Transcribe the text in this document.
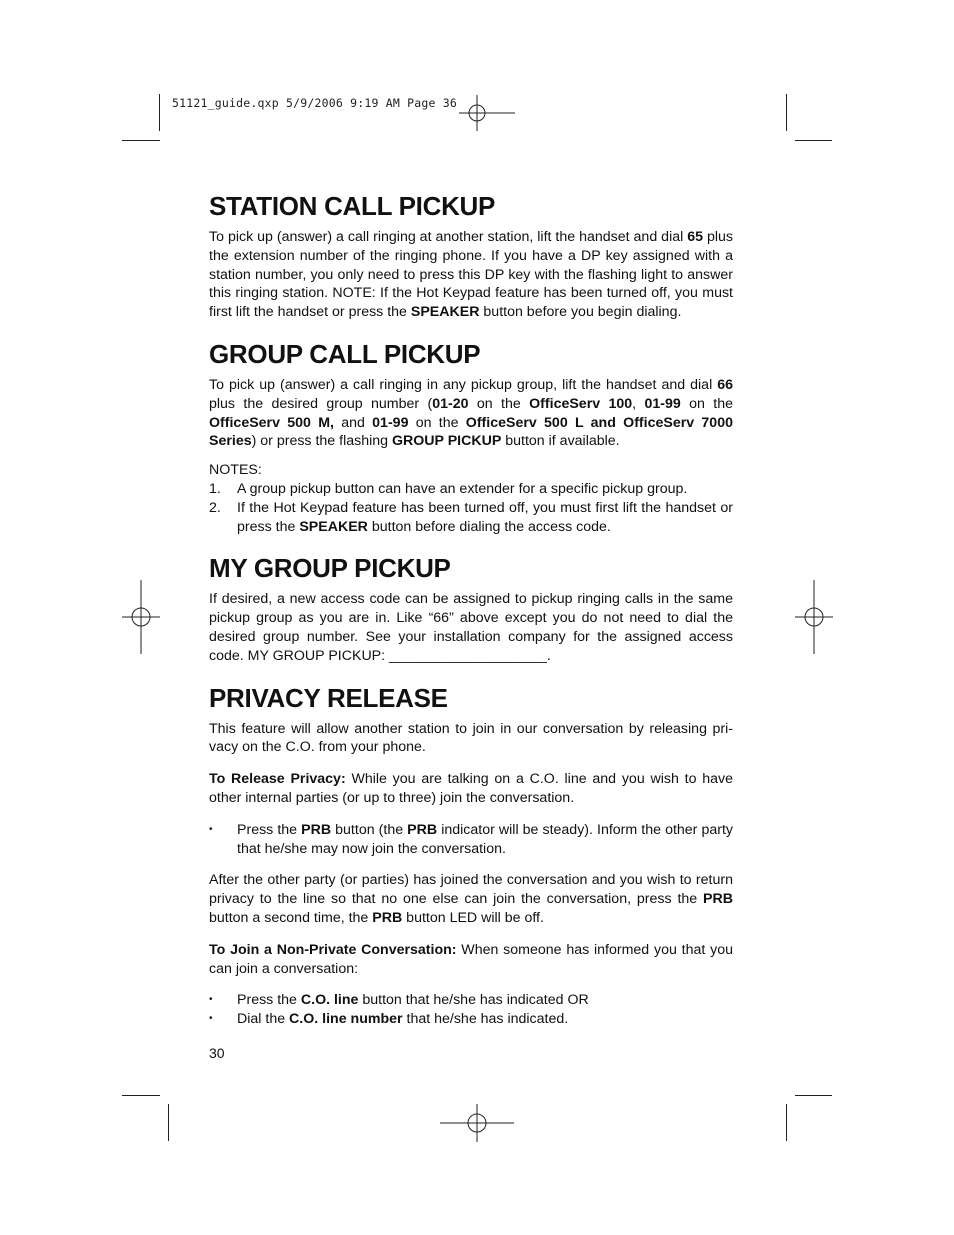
51121_guide.qxp 5/9/2006 9:19 AM Page 36
STATION CALL PICKUP

To pick up (answer) a call ringing at another station, lift the handset and dial 65 plus the extension number of the ringing phone. If you have a DP key assigned with a station number, you only need to press this DP key with the flashing light to answer this ringing station. NOTE: If the Hot Keypad feature has been turned off, you must first lift the handset or press the SPEAKER button before you begin dialing.

GROUP CALL PICKUP

To pick up (answer) a call ringing in any pickup group, lift the handset and dial 66 plus the desired group number (01-20 on the OfficeServ 100, 01-99 on the OfficeServ 500 M, and 01-99 on the OfficeServ 500 L and OfficeServ 7000 Series) or press the flashing GROUP PICKUP button if available.

NOTES:

1. A group pickup button can have an extender for a specific pickup group.
2. If the Hot Keypad feature has been turned off, you must first lift the handset or press the SPEAKER button before dialing the access code.
MY GROUP PICKUP

If desired, a new access code can be assigned to pickup ringing calls in the same pickup group as you are in. Like “66” above except you do not need to dial the desired group number. See your installation company for the assigned access code. MY GROUP PICKUP: ____________________.

PRIVACY RELEASE

This feature will allow another station to join in our conversation by releasing pri-vacy on the C.O. from your phone.

To Release Privacy: While you are talking on a C.O. line and you wish to have other internal parties (or up to three) join the conversation.

• Press the PRB button (the PRB indicator will be steady). Inform the other party that he/she may now join the conversation.

After the other party (or parties) has joined the conversation and you wish to return privacy to the line so that no one else can join the conversation, press the PRB button a second time, the PRB button LED will be off.

To Join a Non-Private Conversation: When someone has informed you that you can join a conversation:

• Press the C.O. line button that he/she has indicated OR
• Dial the C.O. line number that he/she has indicated.
30
